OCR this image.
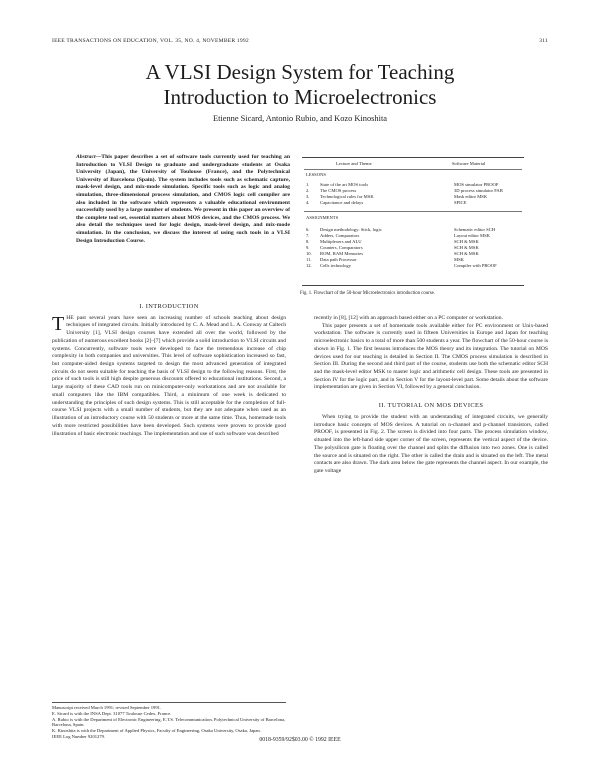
IEEE TRANSACTIONS ON EDUCATION, VOL. 35, NO. 4, NOVEMBER 1992	311
A VLSI Design System for Teaching
Introduction to Microelectronics
Etienne Sicard, Antonio Rubio, and Kozo Kinoshita
Abstract—This paper describes a set of software tools currently used for teaching an Introduction to VLSI Design to graduate and undergraduate students at Osaka University (Japan), the University of Toulouse (France), and the Polytechnical University of Barcelona (Spain). The system includes tools such as schematic capture, mask-level design, and mix-mode simulation. Specific tools such as logic and analog simulation, three-dimensional process simulation, and CMOS logic cell compiler are also included in the software which represents a valuable educational environment successfully used by a large number of students. We present in this paper an overview of the complete tool set, essential matters about MOS devices, and the CMOS process. We also detail the techniques used for logic design, mask-level design, and mix-mode simulation. In the conclusion, we discuss the interest of using such tools in a VLSI Design Introduction Course.
Lecture and Theme	Software Material
LESSONS
1. State of the art MOS tools	MOS simulator PROOF
2. The CMOS process	3D process simulator FAB
3. Technological rules for MSK	Mask editor MSK
4. Capacitance and delays	SPICE
ASSIGNMENTS
6. Design methodology: Stick, logic	Schematic editor SCH
7. Adders, Comparators	Layout editor MSK
8. Multiplexers and ALU	SCH & MSK
9. Counters, Comparators	SCH & MSK
10. ROM, RAM Memories	SCH & MSK
11. Data path Processor	MSK
12. Cells technology	Compiler with PROOF
Fig. 1. Flowchart of the 50-hour Microelectronics introduction course.

I. INTRODUCTION

THE past several years have seen an increasing number of schools teaching about design techniques of integrated circuits. Initially introduced by C. A. Mead and L. A. Conway at Caltech University [1], VLSI design courses have extended all over the world, followed by the publication of numerous excellent books [2]–[7] which provide a solid introduction to VLSI circuits and systems. Concurrently, software tools were developed to face the tremendous increase of chip complexity in both companies and universities. This level of software sophistication increased so fast, but computer-aided design systems targeted to design the most advanced generation of integrated circuits do not seem suitable for teaching the basis of VLSI design to the following reasons. First, the price of such tools is still high despite generous discounts offered to educational institutions. Second, a large majority of these CAD tools run on minicomputer-only workstations and are not available for small computers like the IBM compatibles. Third, a minimum of one week is dedicated to understanding the principles of such design systems. This is still acceptable for the completion of full-course VLSI projects with a small number of students, but they are not adequate when used as an illustration of an introductory course with 50 students or more at the same time. Thus, homemade tools with more restricted possibilities have been developed. Such systems were proven to provide good illustration of basic electronic teachings. The implementation and use of such software was described

recently in [8], [12] with an approach based either on a PC computer or workstation.

This paper presents a set of homemade tools available either for PC environment or Unix-based workstation. The software is currently used in fifteen Universities in Europe and Japan for teaching microelectronic basics to a total of more than 500 students a year. The flowchart of the 50-hour course is shown in Fig. 1. The first lessons introduces the MOS theory and its integration. The tutorial on MOS devices used for our teaching is detailed in Section II. The CMOS process simulation is described in Section III. During the second and third part of the course, students use both the schematic editor SCH and the mask-level editor MSK to master logic and arithmetic cell design. These tools are presented in Section IV for the logic part, and in Section V for the layout-level part. Some details about the software implementation are given in Section VI, followed by a general conclusion.

II. TUTORIAL ON MOS DEVICES

When trying to provide the student with an understanding of integrated circuits, we generally introduce basic concepts of MOS devices. A tutorial on n-channel and p-channel transistors, called PROOF, is presented in Fig. 2. The screen is divided into four parts. The process simulation window, situated into the left-hand side upper corner of the screen, represents the vertical aspect of the device. The polysilicon gate is floating over the channel and splits the diffusion into two zones. One is called the source and is situated on the right. The other is called the drain and is situated on the left. The metal contacts are also drawn. The dark area below the gate represents the channel aspect. In our example, the gate voltage

Manuscript received March 1991; revised September 1991.

E. Sicard is with the INSA Dept. 31077 Toulouse Cedex, France.

A. Rubio is with the Department of Electronic Engineering, E.T.S. Telecommunication, Polytechnical University of Barcelona, Barcelona, Spain.

K. Kinoshita is with the Department of Applied Physics, Faculty of Engineering, Osaka University, Osaka, Japan.

IEEE Log Number 9201279.

0018-9359/92$03.00 © 1992 IEEE
